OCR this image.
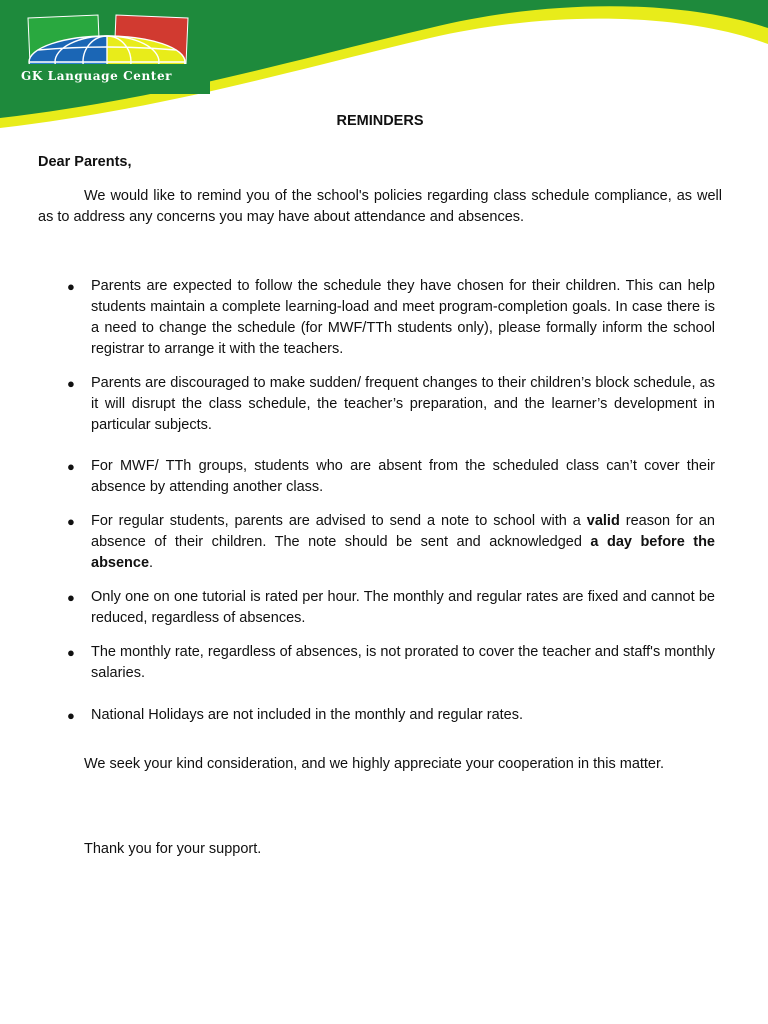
GK Language Center
REMINDERS
Dear Parents,

We would like to remind you of the school's policies regarding class schedule compliance, as well as to address any concerns you may have about attendance and absences.

● Parents are expected to follow the schedule they have chosen for their children. This can help students maintain a complete learning-load and meet program-completion goals. In case there is a need to change the schedule (for MWF/TTh students only), please formally inform the school registrar to arrange it with the teachers.

● Parents are discouraged to make sudden/ frequent changes to their children’s block schedule, as it will disrupt the class schedule, the teacher’s preparation, and the learner’s development in particular subjects.

● For MWF/ TTh groups, students who are absent from the scheduled class can’t cover their absence by attending another class.

● For regular students, parents are advised to send a note to school with a valid reason for an absence of their children. The note should be sent and acknowledged a day before the absence.

● Only one on one tutorial is rated per hour. The monthly and regular rates are fixed and cannot be reduced, regardless of absences.

● The monthly rate, regardless of absences, is not prorated to cover the teacher and staff's monthly salaries.

● National Holidays are not included in the monthly and regular rates.

We seek your kind consideration, and we highly appreciate your cooperation in this matter.

Thank you for your support.
